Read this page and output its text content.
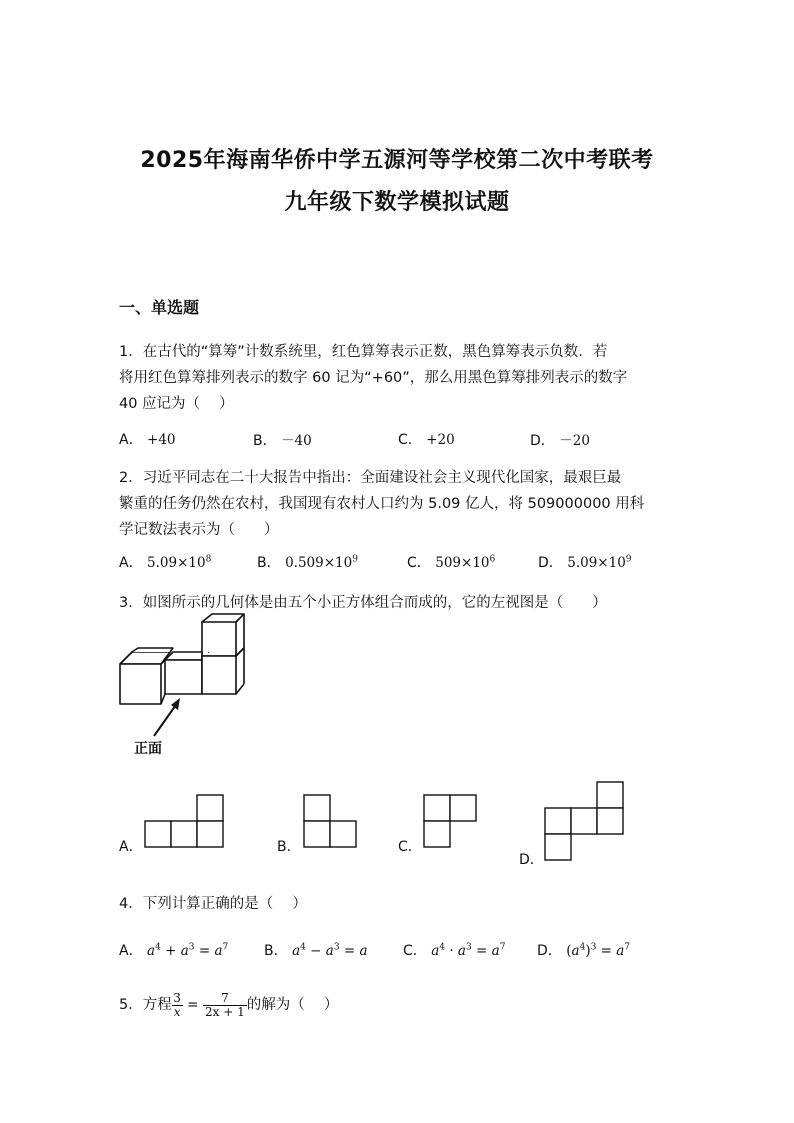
2025年海南华侨中学五源河等学校第二次中考联考
九年级下数学模拟试题
一、单选题
1．在古代的“算筹”计数系统里，红色算筹表示正数，黑色算筹表示负数．若
将用红色算筹排列表示的数字 60 记为“+60”，那么用黑色算筹排列表示的数字
40 应记为（　 ）
A． +40	B． －40	C． +20	D． －20
2．习近平同志在二十大报告中指出：全面建设社会主义现代化国家，最艰巨最
繁重的任务仍然在农村，我国现有农村人口约为 5.09 亿人，将 509000000 用科
学记数法表示为（　　）
A． $5.09\times 10^8$	B． $0.509\times 10^9$	C． $509\times 10^6$	D． $5.09\times 10^9$
3．如图所示的几何体是由五个小正方体组合而成的，它的左视图是（　　）
.
正面
A．	B．	C．
D．
4．下列计算正确的是（　 ）
A． $a^4 + a^3 = a^7$	B． $a^4 - a^3 = a$	C． $a^4 \cdot a^3 = a^7$ D． $(a^4)^3 = a^7$
5．方程 $\frac{3}{x} = \frac{7}{2x + 1}$ 的解为（　 ）
